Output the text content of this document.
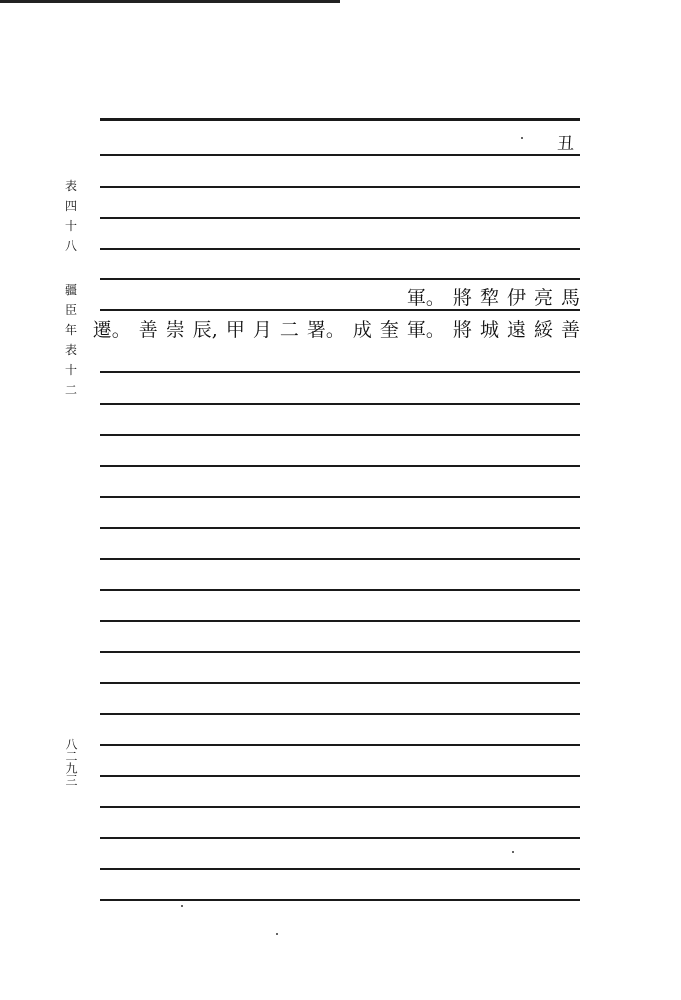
表
四
十
八
疆
臣
年
表
十
二
八二九三
丑
馬
亮
伊
犂
將
軍。
善
綏
遠
城
將
軍。
奎
成
署。
二
月
甲
辰,
崇
善
遷。
